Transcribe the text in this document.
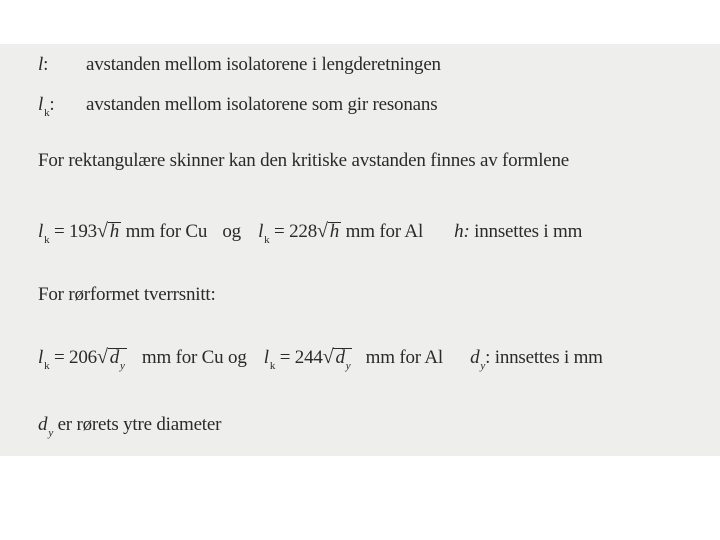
l: avstanden mellom isolatorene i lengderetningen
$l_k$: avstanden mellom isolatorene som gir resonans
For rektangulære skinner kan den kritiske avstanden finnes av formlene
$l_k = 193√$ h mm for Cu og $l_k = 228√$ h mm for Al h: innsettes i mm
For rørformet tverrsnitt:
$l_k = 206√$ $d_y$ mm for Cu og $l_k = 244√$ $d_y$ mm for Al $d_y$: innsettes i mm
$d_y$ er rørets ytre diameter
